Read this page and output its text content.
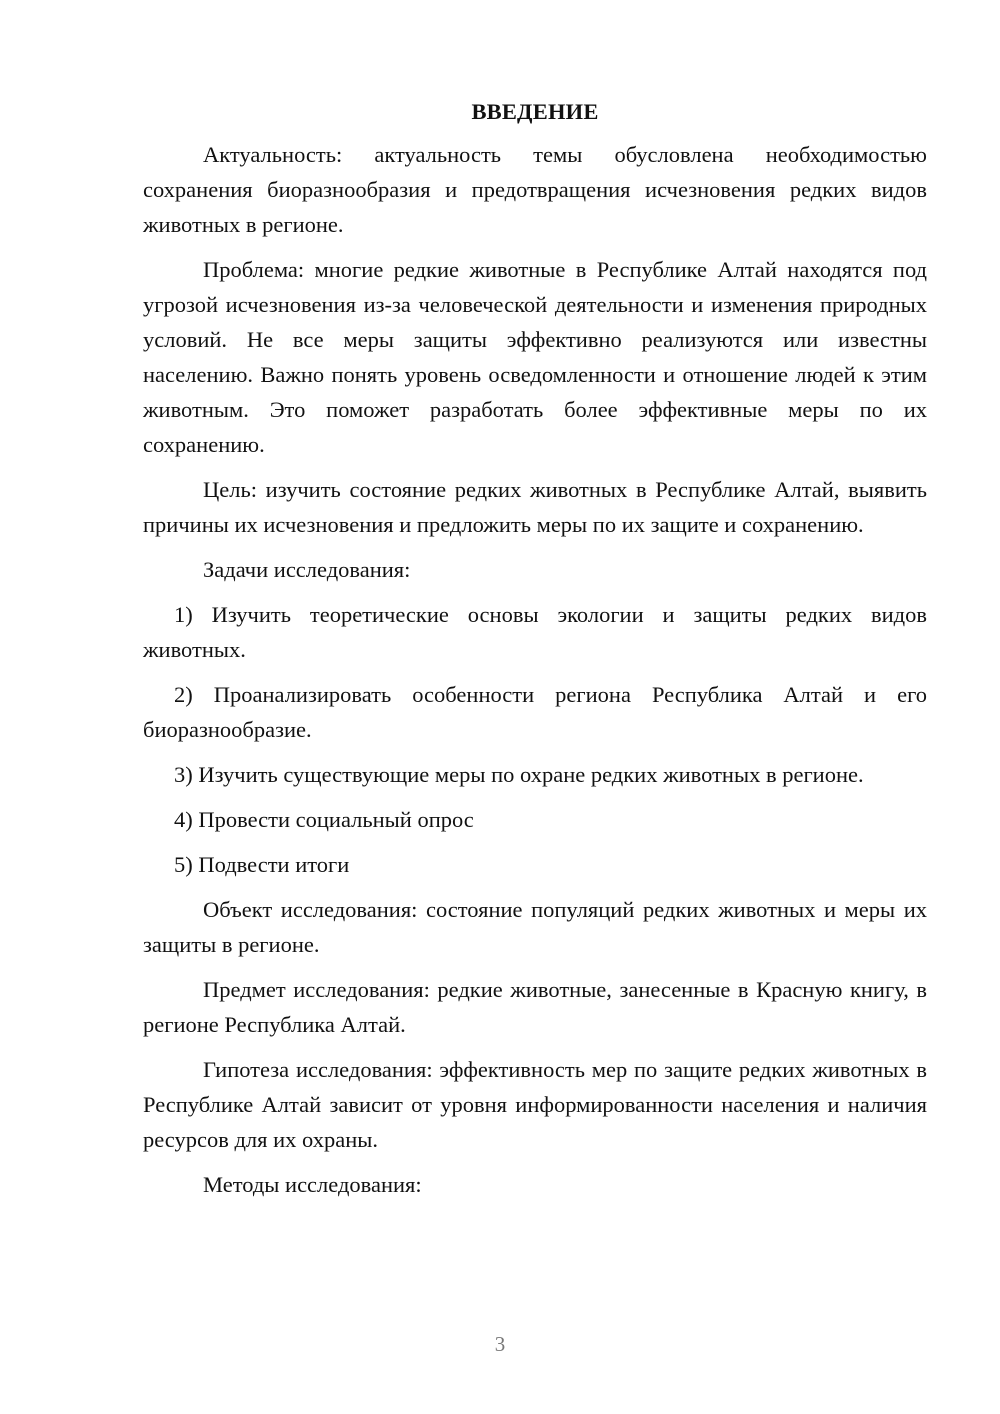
ВВЕДЕНИЕ

Актуальность: актуальность темы обусловлена необходимостью сохранения биоразнообразия и предотвращения исчезновения редких видов животных в регионе.

Проблема: многие редкие животные в Республике Алтай находятся под угрозой исчезновения из-за человеческой деятельности и изменения природных условий. Не все меры защиты эффективно реализуются или известны населению. Важно понять уровень осведомленности и отношение людей к этим животным. Это поможет разработать более эффективные меры по их сохранению.

Цель: изучить состояние редких животных в Республике Алтай, выявить причины их исчезновения и предложить меры по их защите и сохранению.

Задачи исследования:

1) Изучить теоретические основы экологии и защиты редких видов животных.

2) Проанализировать особенности региона Республика Алтай и его биоразнообразие.

3) Изучить существующие меры по охране редких животных в регионе.

4) Провести социальный опрос

5) Подвести итоги

Объект исследования: состояние популяций редких животных и меры их защиты в регионе.

Предмет исследования: редкие животные, занесенные в Красную книгу, в регионе Республика Алтай.

Гипотеза исследования: эффективность мер по защите редких животных в Республике Алтай зависит от уровня информированности населения и наличия ресурсов для их охраны.

Методы исследования:

3
